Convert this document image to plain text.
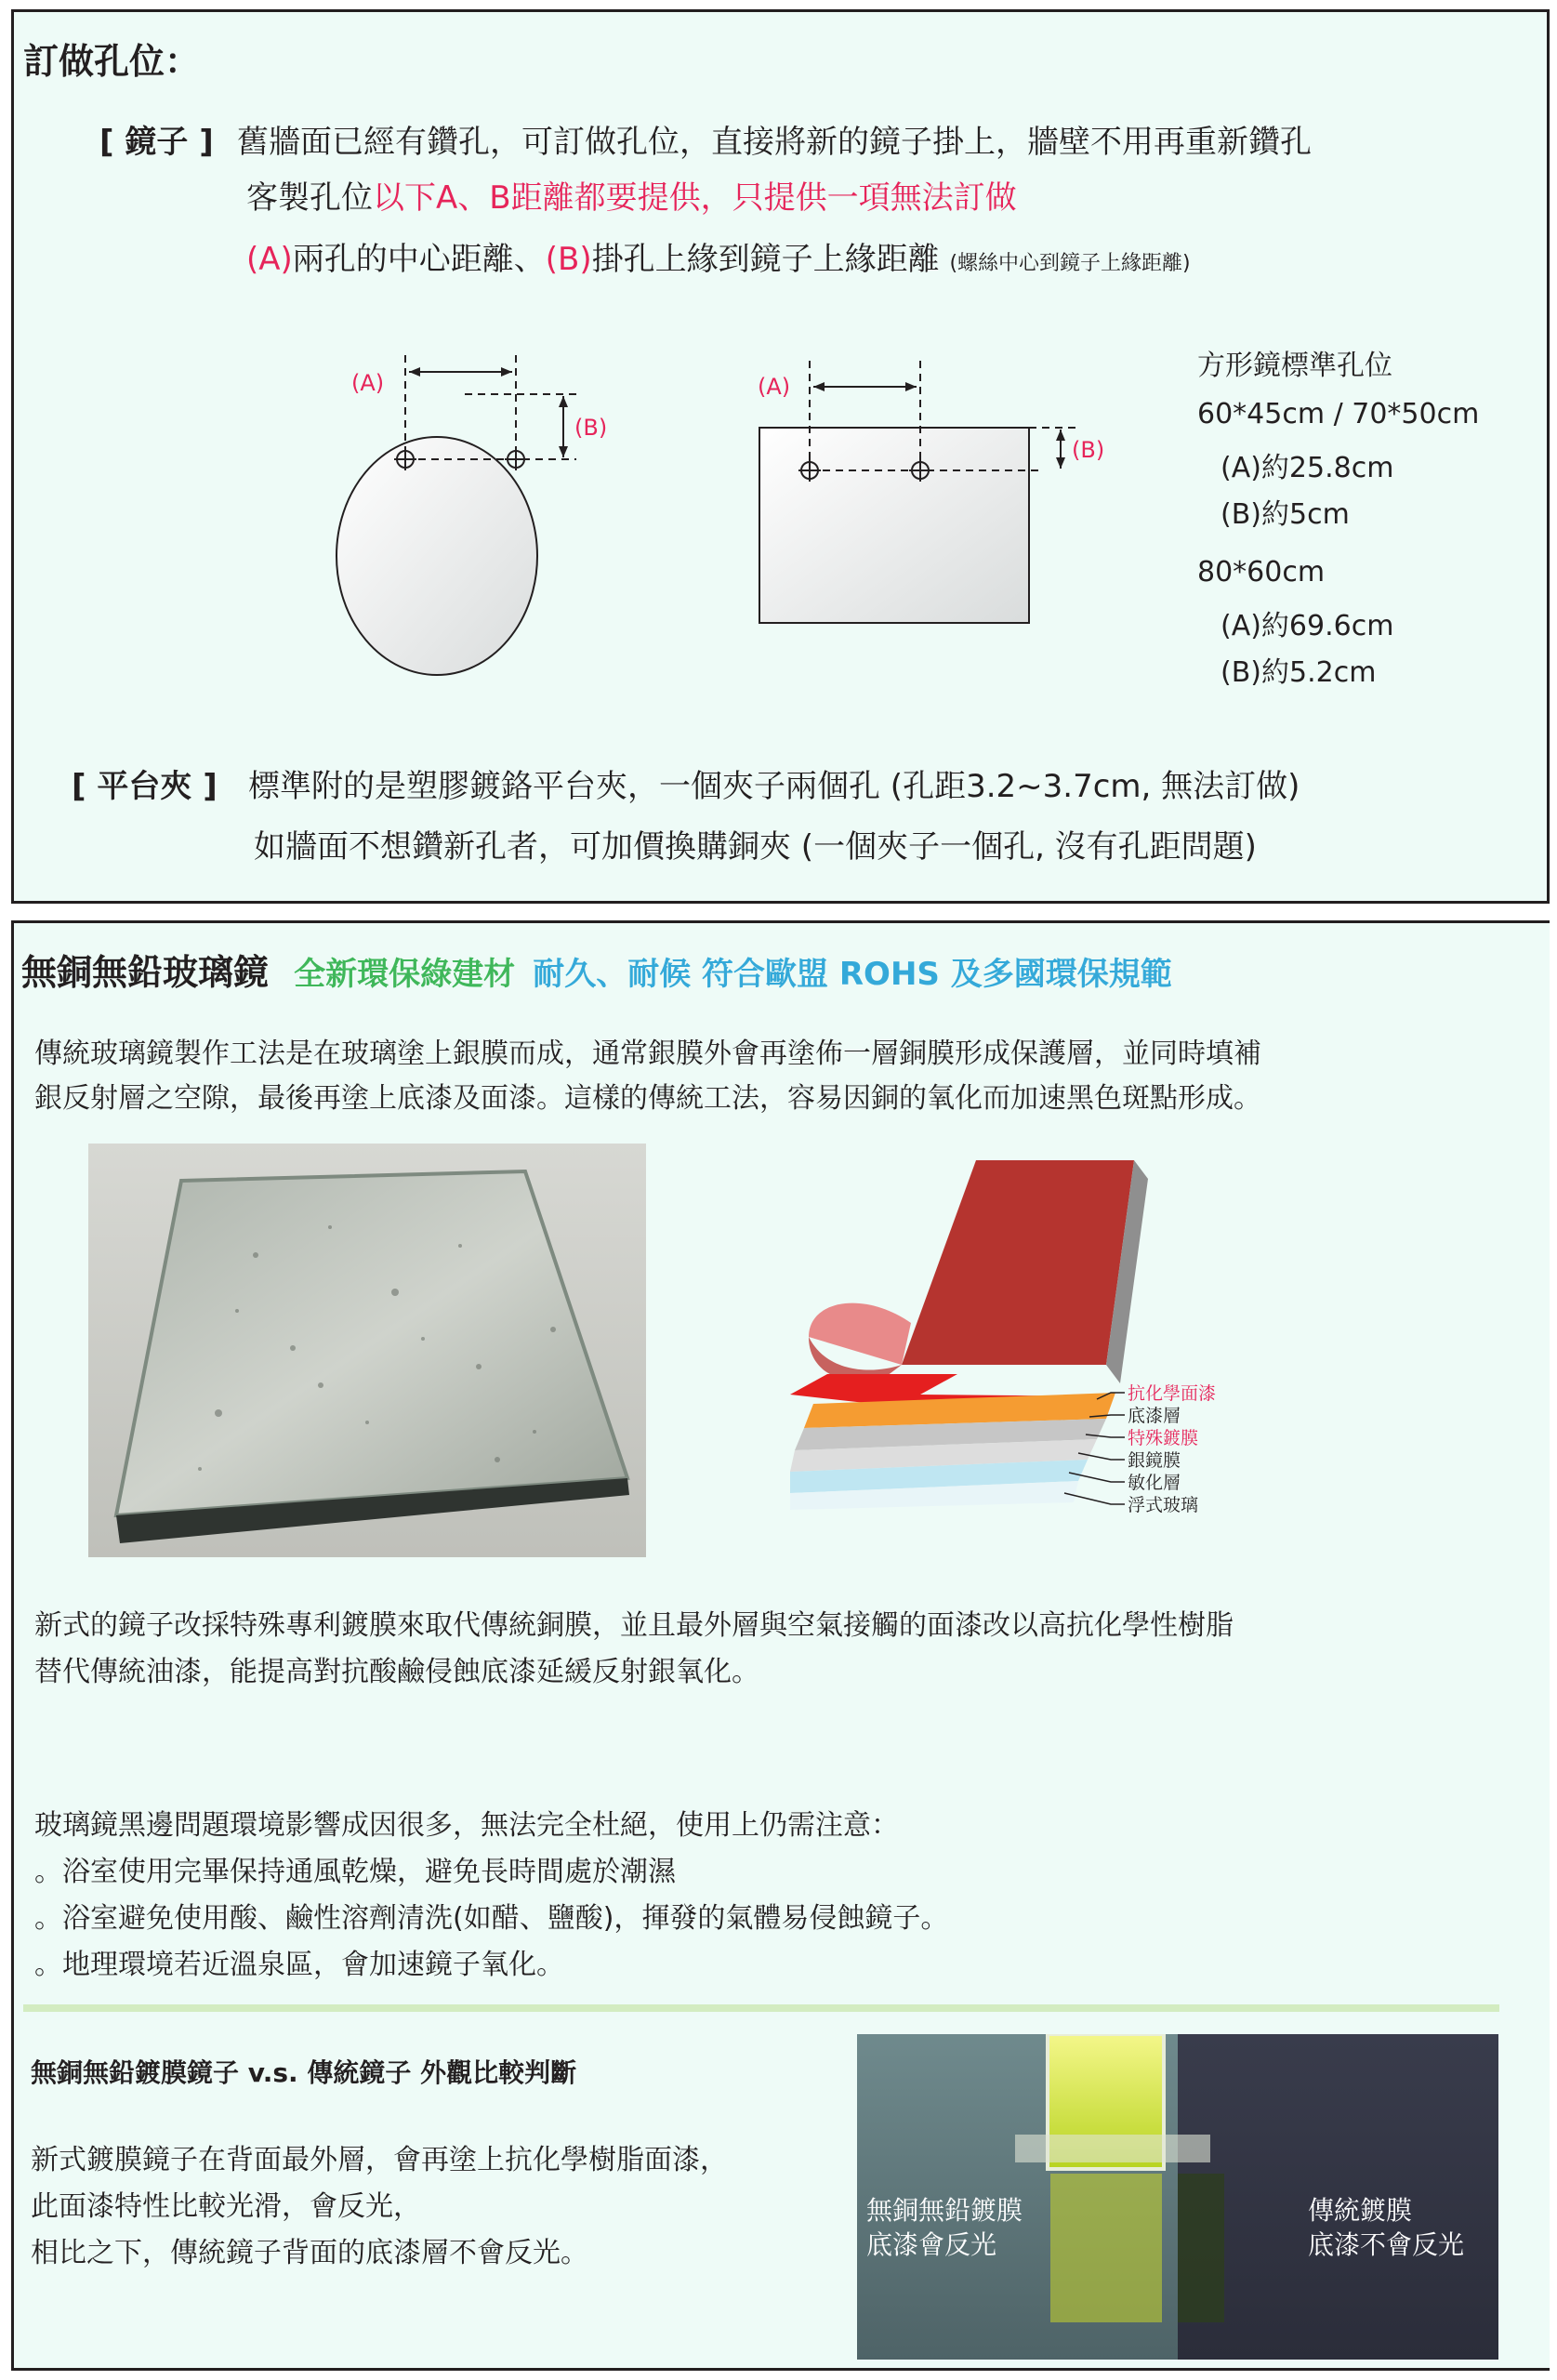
訂做孔位：
[ 鏡子 ] 舊牆面已經有鑽孔，可訂做孔位，直接將新的鏡子掛上，牆壁不用再重新鑽孔
客製孔位以下A、B距離都要提供，只提供一項無法訂做
(A)兩孔的中心距離、(B)掛孔上緣到鏡子上緣距離 (螺絲中心到鏡子上緣距離)
(A)
(B)
(A)
(B)
方形鏡標準孔位
60*45cm / 70*50cm
(A)約25.8cm
(B)約5cm
80*60cm
(A)約69.6cm
(B)約5.2cm
[ 平台夾 ] 標準附的是塑膠鍍鉻平台夾，一個夾子兩個孔 (孔距3.2~3.7cm, 無法訂做)
如牆面不想鑽新孔者，可加價換購銅夾 (一個夾子一個孔, 沒有孔距問題)
無銅無鉛玻璃鏡 全新環保綠建材 耐久、耐候 符合歐盟 ROHS 及多國環保規範
傳統玻璃鏡製作工法是在玻璃塗上銀膜而成，通常銀膜外會再塗佈一層銅膜形成保護層，並同時填補
銀反射層之空隙，最後再塗上底漆及面漆。這樣的傳統工法，容易因銅的氧化而加速黑色斑點形成。
抗化學面漆
底漆層
特殊鍍膜
銀鏡膜
敏化層
浮式玻璃
新式的鏡子改採特殊專利鍍膜來取代傳統銅膜，並且最外層與空氣接觸的面漆改以高抗化學性樹脂
替代傳統油漆，能提高對抗酸鹼侵蝕底漆延緩反射銀氧化。
玻璃鏡黑邊問題環境影響成因很多，無法完全杜絕，使用上仍需注意：
。浴室使用完畢保持通風乾燥，避免長時間處於潮濕
。浴室避免使用酸、鹼性溶劑清洗(如醋、鹽酸)，揮發的氣體易侵蝕鏡子。
。地理環境若近溫泉區，會加速鏡子氧化。
無銅無鉛鍍膜鏡子 v.s. 傳統鏡子 外觀比較判斷
新式鍍膜鏡子在背面最外層，會再塗上抗化學樹脂面漆，
此面漆特性比較光滑，會反光，
相比之下，傳統鏡子背面的底漆層不會反光。
無銅無鉛鍍膜
底漆會反光
傳統鍍膜
底漆不會反光
